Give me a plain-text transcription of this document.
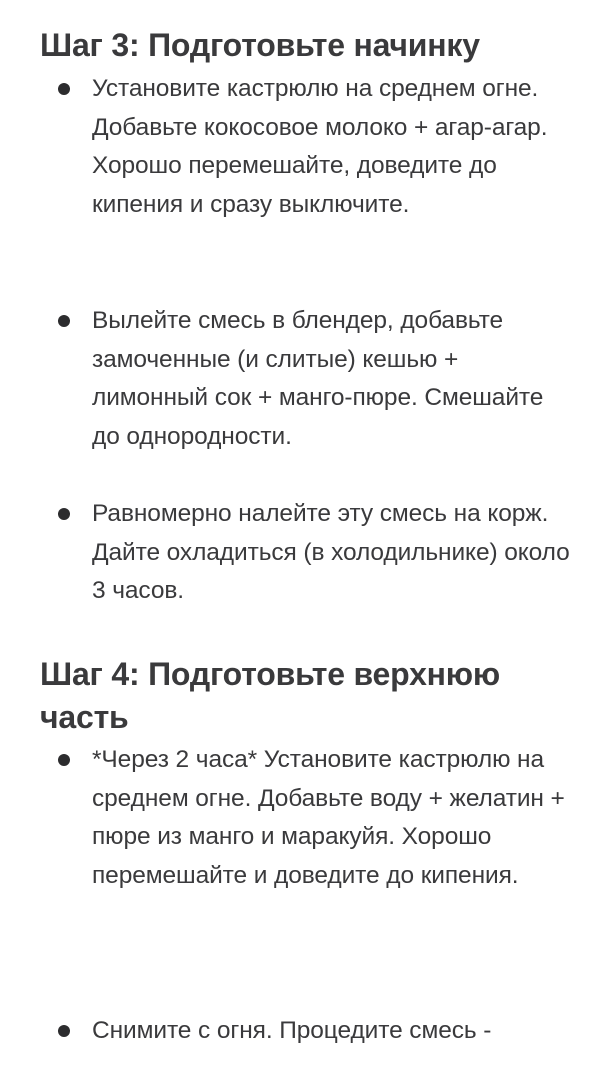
Шаг 3: Подготовьте начинку
Установите кастрюлю на среднем огне. Добавьте кокосовое молоко + агар-агар. Хорошо перемешайте, доведите до кипения и сразу выключите.
Вылейте смесь в блендер, добавьте замоченные (и слитые) кешью + лимонный сок + манго-пюре. Смешайте до однородности.
Равномерно налейте эту смесь на корж. Дайте охладиться (в холодильнике) около 3 часов.
Шаг 4: Подготовьте верхнюю часть
*Через 2 часа* Установите кастрюлю на среднем огне. Добавьте воду + желатин + пюре из манго и маракуйя. Хорошо перемешайте и доведите до кипения.
Снимите с огня. Процедите смесь -
